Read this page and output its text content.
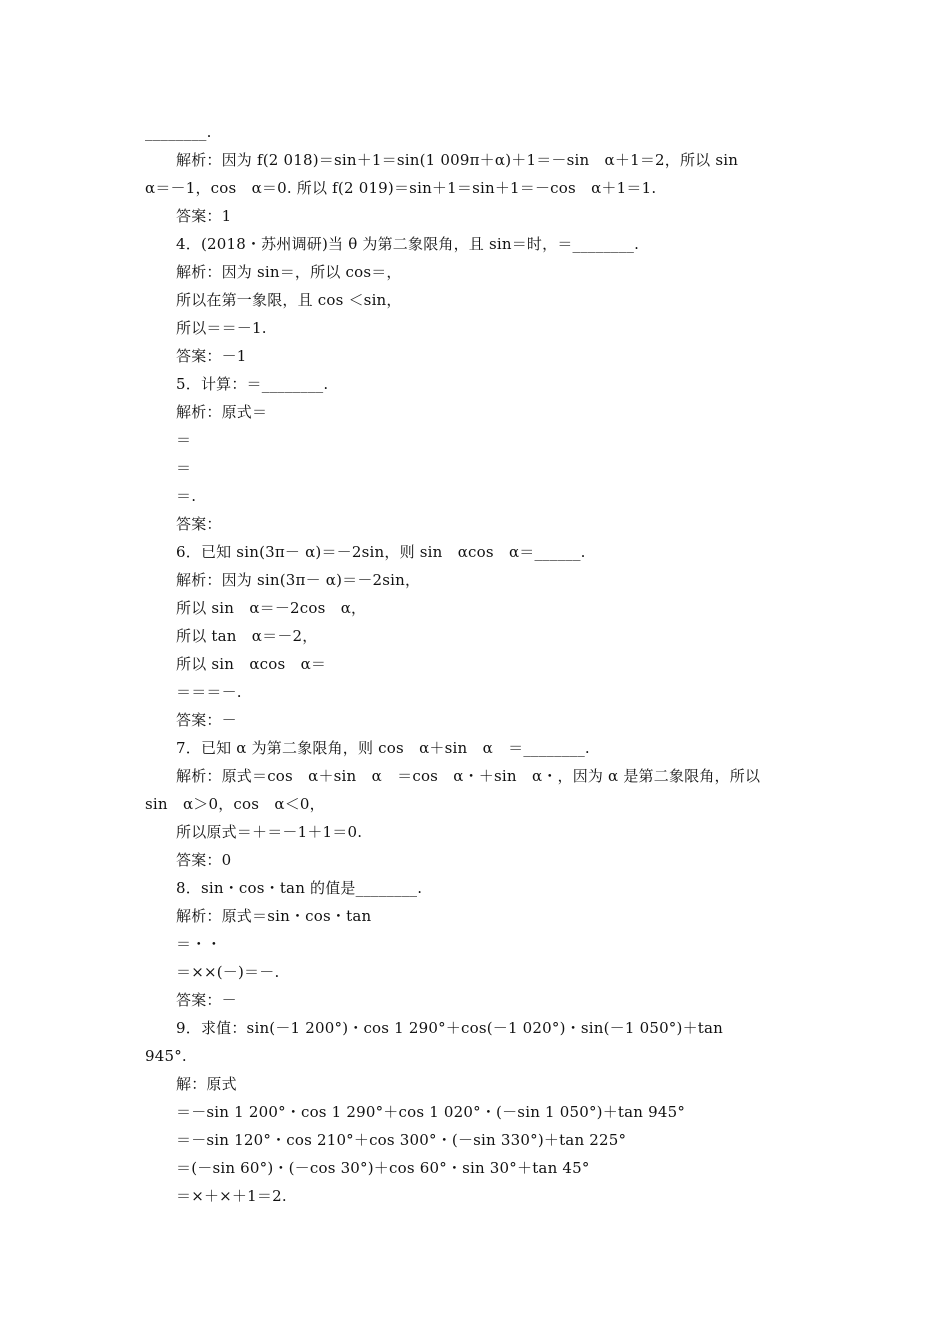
________.
解析：因为 f(2 018)＝sin＋1＝sin(1 009π＋α)＋1＝－sin　α＋1＝2，所以 sin
α＝－1，cos　α＝0. 所以 f(2 019)＝sin＋1＝sin＋1＝－cos　α＋1＝1.
答案：1
4．(2018・苏州调研)当 θ 为第二象限角，且 sin＝时，＝________.
解析：因为 sin＝，所以 cos＝，
所以在第一象限，且 cos ＜sin，
所以＝＝－1.
答案：－1
5．计算：＝________.
解析：原式＝
＝
＝
＝.
答案：
6．已知 sin(3π－ α)＝－2sin，则 sin　αcos　α＝______.
解析：因为 sin(3π－ α)＝－2sin，
所以 sin　α＝－2cos　α，
所以 tan　α＝－2，
所以 sin　αcos　α＝
＝＝＝－.
答案：－
7．已知 α 为第二象限角，则 cos　α＋sin　α　＝________.
解析：原式＝cos　α＋sin　α　＝cos　α・＋sin　α・，因为 α 是第二象限角，所以
sin　α＞0，cos　α＜0，
所以原式＝＋＝－1＋1＝0.
答案：0
8．sin・cos・tan 的值是________.
解析：原式＝sin・cos・tan
＝・・
＝××(－)＝－.
答案：－
9．求值：sin(－1 200°)・cos 1 290°＋cos(－1 020°)・sin(－1 050°)＋tan
945°.
解：原式
＝－sin 1 200°・cos 1 290°＋cos 1 020°・(－sin 1 050°)＋tan 945°
＝－sin 120°・cos 210°＋cos 300°・(－sin 330°)＋tan 225°
＝(－sin 60°)・(－cos 30°)＋cos 60°・sin 30°＋tan 45°
＝×＋×＋1＝2.
